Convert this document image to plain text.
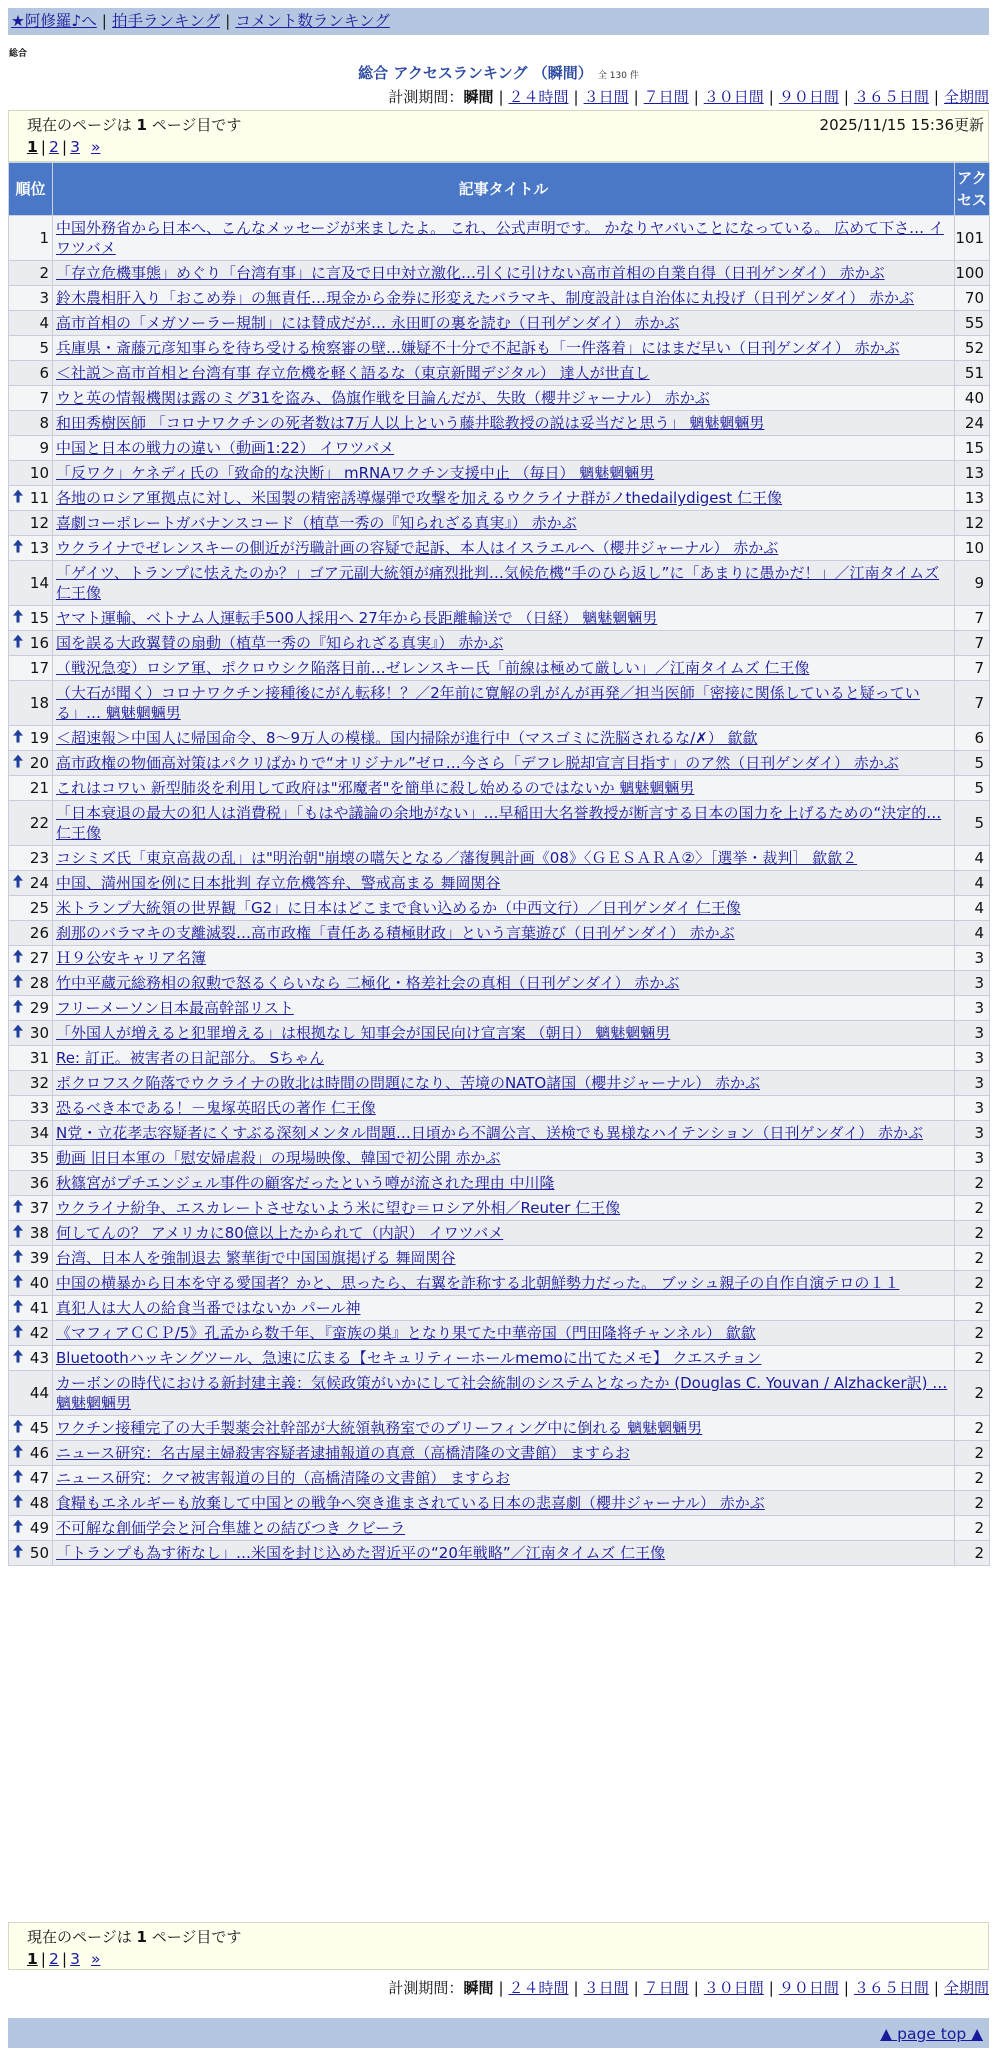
★阿修羅♪へ | 拍手ランキング | コメント数ランキング
総合
総合 アクセスランキング （瞬間） 全 130 件
計測期間：瞬間 | ２４時間 | ３日間 | ７日間 | ３０日間 | ９０日間 | ３６５日間 | 全期間
現在のページは 1 ページ目です	2025/11/15 15:36更新
1 | 2 | 3 »
順位	記事タイトル	アクセス
1	中国外務省から日本へ、こんなメッセージが来ましたよ。 これ、公式声明です。 かなりヤバいことになっている。 広めて下さ… イワツバメ	101
2	「存立危機事態」めぐり「台湾有事」に言及で日中対立激化…引くに引けない高市首相の自業自得（日刊ゲンダイ） 赤かぶ	100
3	鈴木農相肝入り「おこめ券」の無責任…現金から金券に形変えたバラマキ、制度設計は自治体に丸投げ（日刊ゲンダイ） 赤かぶ	70
4	高市首相の「メガソーラー規制」には賛成だが… 永田町の裏を読む（日刊ゲンダイ） 赤かぶ	55
5	兵庫県・斎藤元彦知事らを待ち受ける検察審の壁…嫌疑不十分で不起訴も「一件落着」にはまだ早い（日刊ゲンダイ） 赤かぶ	52
6	＜社説＞高市首相と台湾有事 存立危機を軽く語るな（東京新聞デジタル） 達人が世直し	51
7	ウと英の情報機関は露のミグ31を盗み、偽旗作戦を目論んだが、失敗（櫻井ジャーナル） 赤かぶ	40
8	和田秀樹医師 「コロナワクチンの死者数は7万人以上という藤井聡教授の説は妥当だと思う」 魑魅魍魎男	24
9	中国と日本の戦力の違い（動画1:22） イワツバメ	15
10	「反ワク」ケネディ氏の「致命的な決断」 mRNAワクチン支援中止 （毎日） 魑魅魍魎男	13

11	各地のロシア軍拠点に対し、米国製の精密誘導爆弾で攻撃を加えるウクライナ群がノthedailydigest 仁王像	13
12	喜劇コーポレートガバナンスコード（植草一秀の『知られざる真実』） 赤かぶ	12

13	ウクライナでゼレンスキーの側近が汚職計画の容疑で起訴、本人はイスラエルへ（櫻井ジャーナル） 赤かぶ	10
14	「ゲイツ、トランプに怯えたのか？」ゴア元副大統領が痛烈批判…気候危機“手のひら返し”に「あまりに愚かだ！」／江南タイムズ 仁王像	9

15	ヤマト運輸、ベトナム人運転手500人採用へ 27年から長距離輸送で （日経） 魑魅魍魎男	7

16	国を誤る大政翼賛の扇動（植草一秀の『知られざる真実』） 赤かぶ	7
17	（戦況急変）ロシア軍、ポクロウシク陥落目前…ゼレンスキー氏「前線は極めて厳しい」／江南タイムズ 仁王像	7
18	（大石が聞く）コロナワクチン接種後にがん転移！？／2年前に寛解の乳がんが再発／担当医師「密接に関係していると疑っている」… 魑魅魍魎男	7

19	＜超速報＞中国人に帰国命令、8～9万人の模様。国内掃除が進行中（マスゴミに洗脳されるな/✗） 歙歙	6

20	高市政権の物価高対策はパクリばかりで“オリジナル”ゼロ…今さら「デフレ脱却宣言目指す」のア然（日刊ゲンダイ） 赤かぶ	5
21	これはコワい 新型肺炎を利用して政府は"邪魔者"を簡単に殺し始めるのではないか 魑魅魍魎男	5
22	「日本衰退の最大の犯人は消費税」「もはや議論の余地がない」…早稲田大名誉教授が断言する日本の国力を上げるための“決定的… 仁王像	5
23	コシミズ氏「東京高裁の乱」は"明治朝"崩壊の嚆矢となる／藩復興計画《08》〈ＧＥＳＡＲＡ②〉［選挙・裁判］ 歙歙２	4

24	中国、満州国を例に日本批判 存立危機答弁、警戒高まる 舞岡関谷	4
25	米トランプ大統領の世界観「G2」に日本はどこまで食い込めるか（中西文行）／日刊ゲンダイ 仁王像	4
26	刹那のバラマキの支離滅裂…高市政権「責任ある積極財政」という言葉遊び（日刊ゲンダイ） 赤かぶ	4

27	Ｈ９公安キャリア名簿	3

28	竹中平蔵元総務相の叙勲で怒るくらいなら 二極化・格差社会の真相（日刊ゲンダイ） 赤かぶ	3

29	フリーメーソン日本最高幹部リスト	3

30	「外国人が増えると犯罪増える」は根拠なし 知事会が国民向け宣言案 （朝日） 魑魅魍魎男	3
31	Re: 訂正。被害者の日記部分。 Sちゃん	3
32	ポクロフスク陥落でウクライナの敗北は時間の問題になり、苦境のNATO諸国（櫻井ジャーナル） 赤かぶ	3
33	恐るべき本である！－鬼塚英昭氏の著作 仁王像	3
34	N党・立花孝志容疑者にくすぶる深刻メンタル問題…日頃から不調公言、送検でも異様なハイテンション（日刊ゲンダイ） 赤かぶ	3
35	動画 旧日本軍の「慰安婦虐殺」の現場映像、韓国で初公開 赤かぶ	3
36	秋篠宮がプチエンジェル事件の顧客だったという噂が流された理由 中川隆	2

37	ウクライナ紛争、エスカレートさせないよう米に望む＝ロシア外相／Reuter 仁王像	2

38	何してんの？ アメリカに80億以上たかられて（内訳） イワツバメ	2

39	台湾、日本人を強制退去 繁華街で中国国旗掲げる 舞岡関谷	2

40	中国の横暴から日本を守る愛国者？かと、思ったら、右翼を詐称する北朝鮮勢力だった。 ブッシュ親子の自作自演テロの１１	2

41	真犯人は大人の給食当番ではないか パール神	2

42	《マフィアＣＣＰ/5》孔孟から数千年、『蛮族の巣』となり果てた中華帝国（門田隆将チャンネル） 歙歙	2

43	Bluetoothハッキングツール、急速に広まる【セキュリティーホールmemoに出てたメモ】 クエスチョン	2
44	カーボンの時代における新封建主義：気候政策がいかにして社会統制のシステムとなったか (Douglas C. Youvan / Alzhacker訳) … 魑魅魍魎男	2

45	ワクチン接種完了の大手製薬会社幹部が大統領執務室でのブリーフィング中に倒れる 魑魅魍魎男	2

46	ニュース研究：名古屋主婦殺害容疑者逮捕報道の真意（高橋清隆の文書館） ますらお	2

47	ニュース研究：クマ被害報道の目的（高橋清隆の文書館） ますらお	2

48	食糧もエネルギーも放棄して中国との戦争へ突き進まされている日本の悲喜劇（櫻井ジャーナル） 赤かぶ	2

49	不可解な創価学会と河合隼雄との結びつき クビーラ	2

50	「トランプも為す術なし」…米国を封じ込めた習近平の“20年戦略”／江南タイムズ 仁王像	2
現在のページは 1 ページ目です
1 | 2 | 3 »
計測期間：瞬間 | ２４時間 | ３日間 | ７日間 | ３０日間 | ９０日間 | ３６５日間 | 全期間
▲ page top ▲
